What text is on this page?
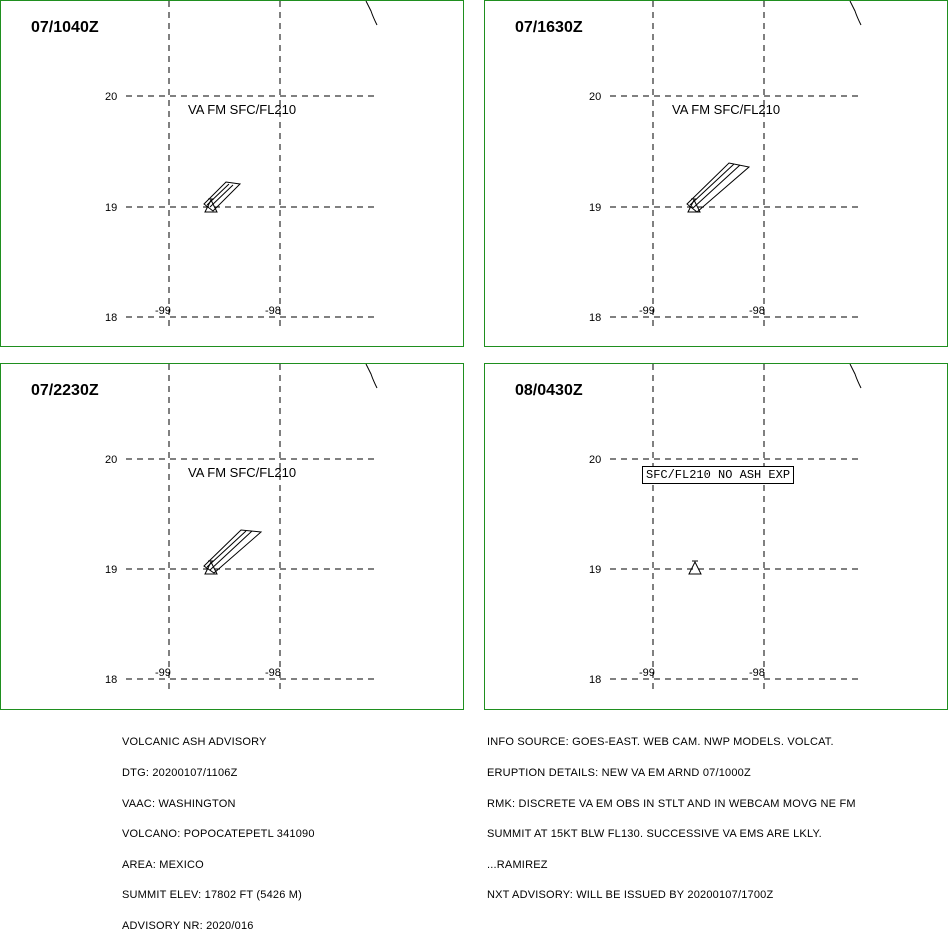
20
19
18
-99	-98
07/1040Z
VA FM SFC/FL210
20
19
18
-99	-98
07/1630Z
VA FM SFC/FL210
20
19
18
-99	-98
07/2230Z
VA FM SFC/FL210
20
19
18
-99	-98
08/0430Z
SFC/FL210 NO ASH EXP

VOLCANIC ASH ADVISORY

DTG: 20200107/1106Z

VAAC: WASHINGTON

VOLCANO: POPOCATEPETL 341090

AREA: MEXICO

SUMMIT ELEV: 17802 FT (5426 M)

ADVISORY NR: 2020/016

INFO SOURCE: GOES-EAST. WEB CAM. NWP MODELS. VOLCAT.

ERUPTION DETAILS: NEW VA EM ARND 07/1000Z

RMK: DISCRETE VA EM OBS IN STLT AND IN WEBCAM MOVG NE FM

SUMMIT AT 15KT BLW FL130. SUCCESSIVE VA EMS ARE LKLY.

...RAMIREZ

NXT ADVISORY: WILL BE ISSUED BY 20200107/1700Z
